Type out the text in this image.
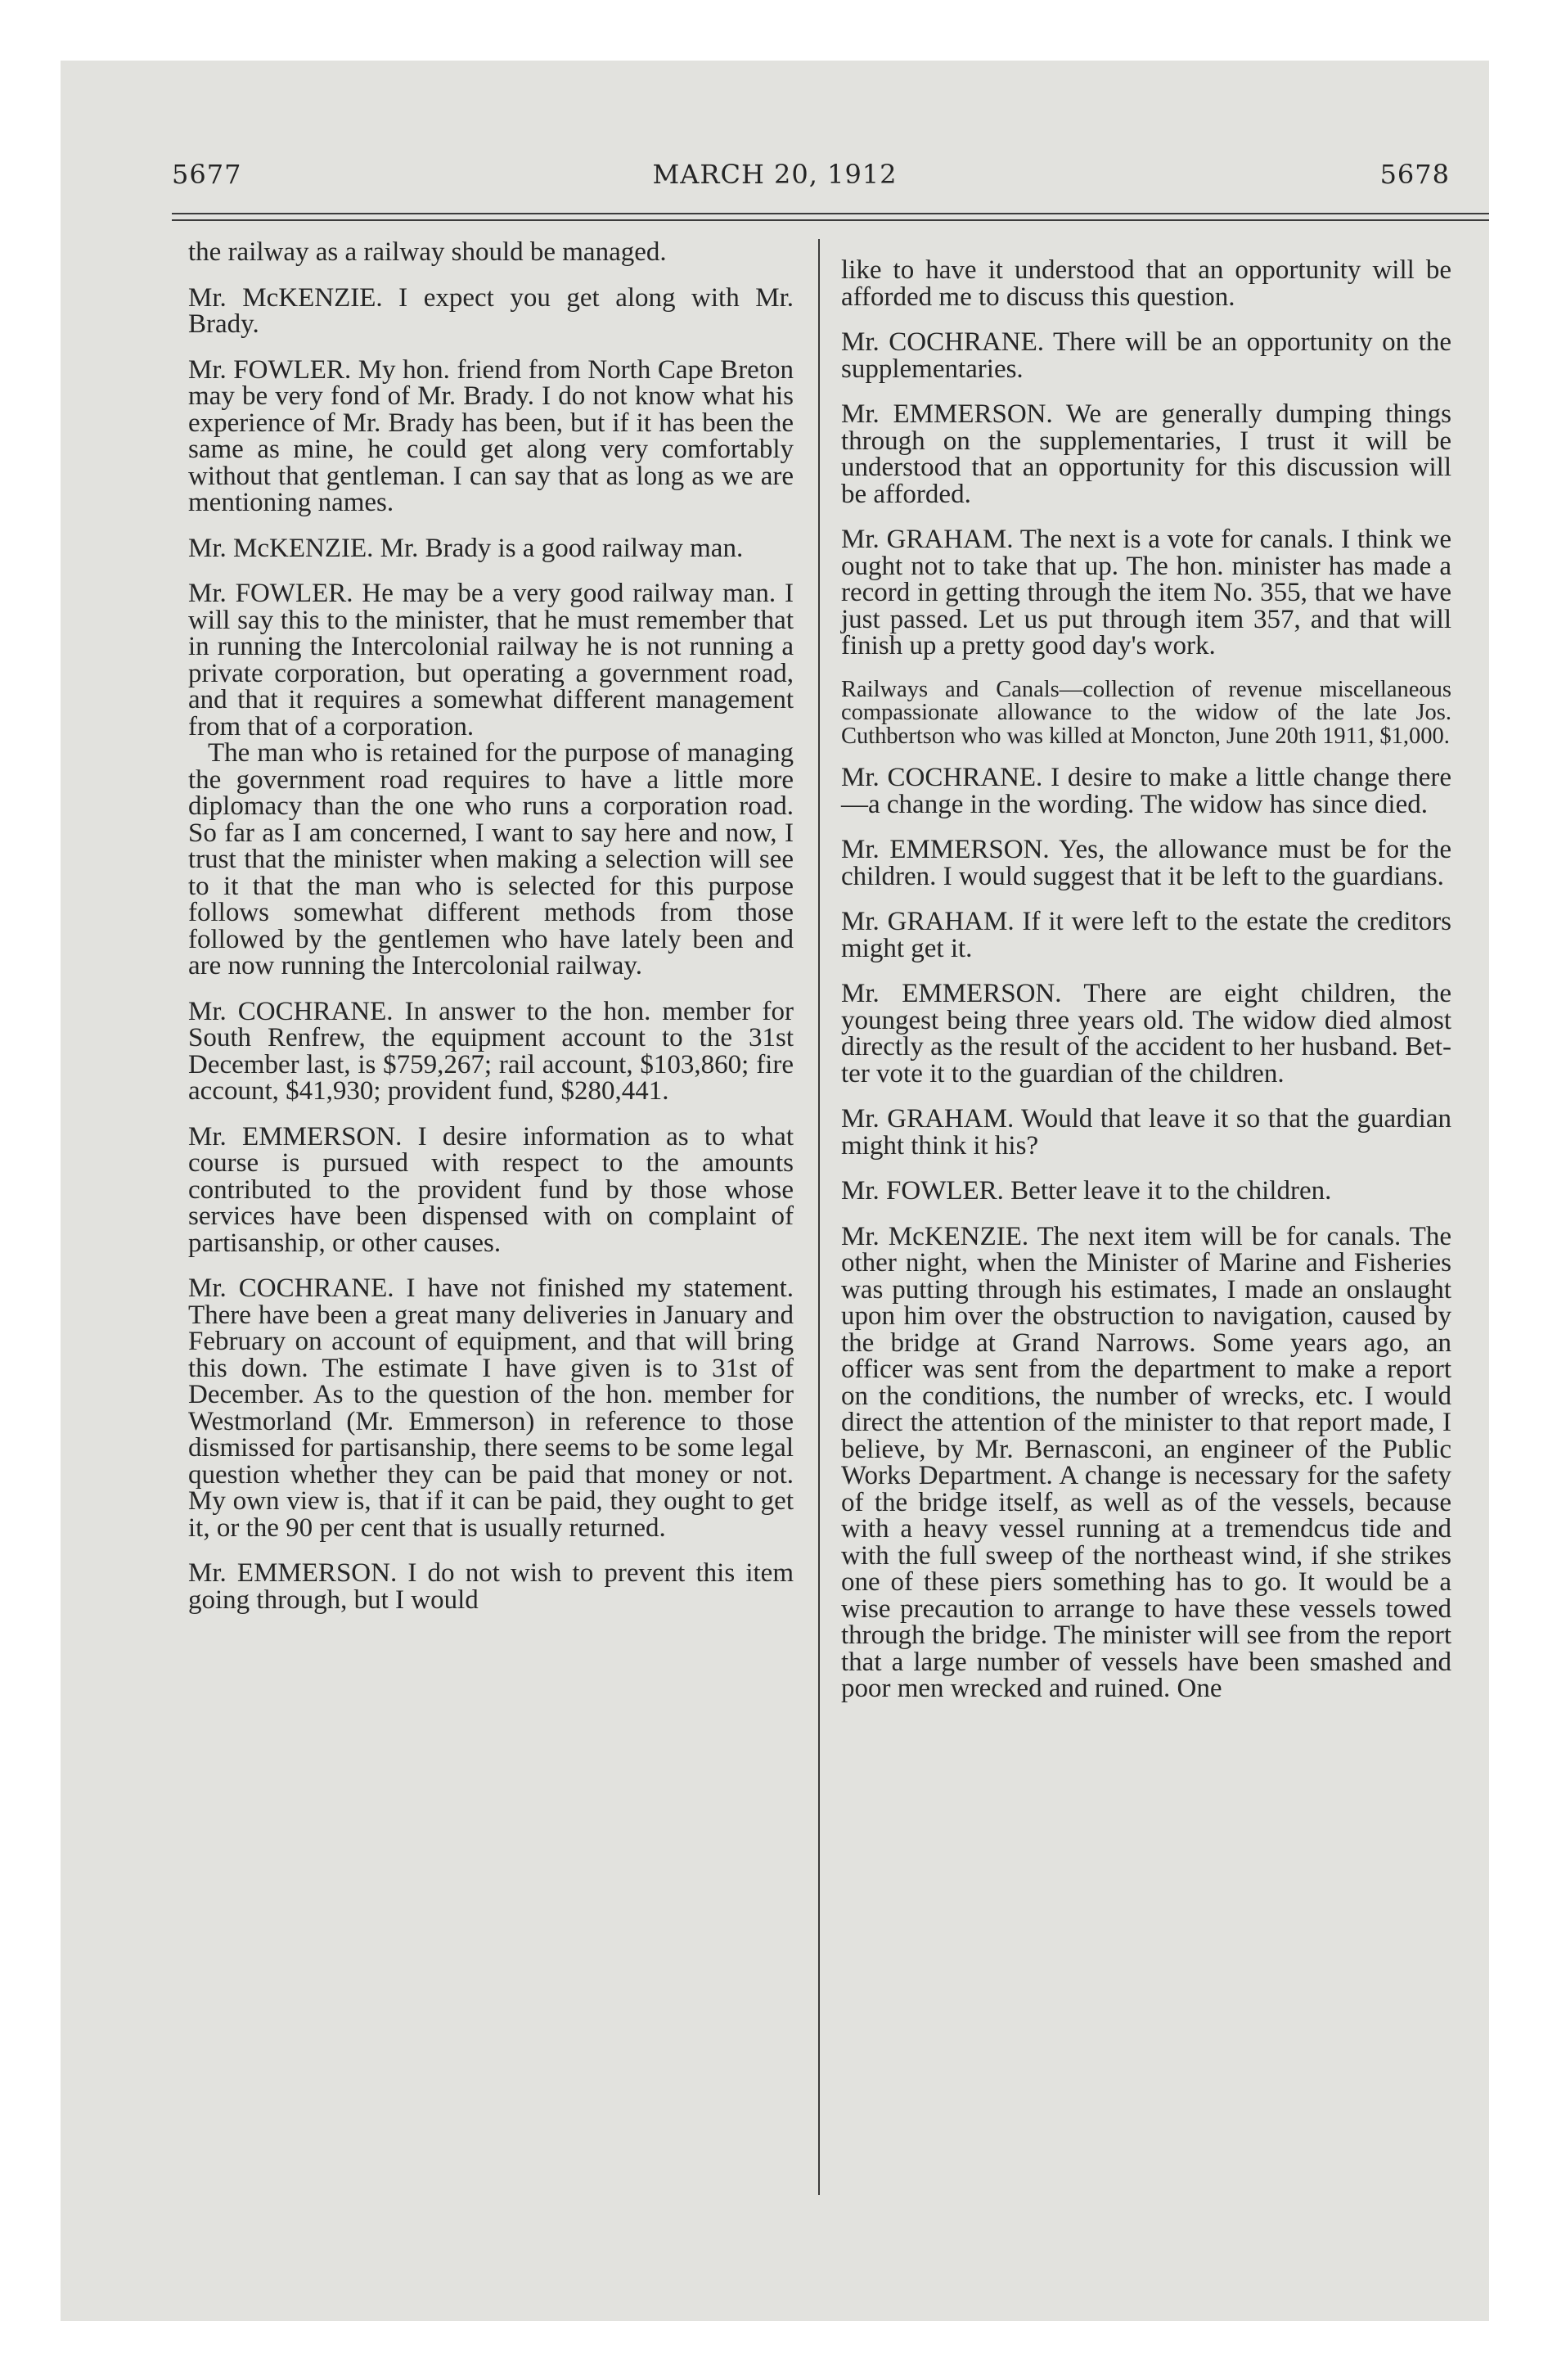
5677	MARCH 20, 1912	5678

the railway as a railway should be managed.

Mr. McKENZIE. I expect you get along with Mr. Brady.

Mr. FOWLER. My hon. friend from North Cape Breton may be very fond of Mr. Brady. I do not know what his experience of Mr. Brady has been, but if it has been the same as mine, he could get along very comfortably without that gentleman. I can say that as long as we are mentioning names.

Mr. McKENZIE. Mr. Brady is a good railway man.

Mr. FOWLER. He may be a very good railway man. I will say this to the minister, that he must remember that in running the Intercolonial railway he is not running a private corporation, but operating a government road, and that it requires a somewhat different management from that of a corporation.

The man who is retained for the purpose of managing the government road requires to have a little more diplomacy than the one who runs a corporation road. So far as I am concerned, I want to say here and now, I trust that the minister when making a selection will see to it that the man who is selected for this purpose follows somewhat different methods from those followed by the gentlemen who have lately been and are now running the Intercolonial railway.

Mr. COCHRANE. In answer to the hon. member for South Renfrew, the equipment account to the 31st December last, is $759,267; rail account, $103,860; fire account, $41,930; provident fund, $280,441.

Mr. EMMERSON. I desire information as to what course is pursued with respect to the amounts contributed to the provident fund by those whose services have been dispensed with on complaint of partisanship, or other causes.

Mr. COCHRANE. I have not finished my statement. There have been a great many deliveries in January and February on account of equipment, and that will bring this down. The estimate I have given is to 31st of December. As to the question of the hon. member for Westmorland (Mr. Emmerson) in reference to those dismissed for partisanship, there seems to be some legal question whether they can be paid that money or not. My own view is, that if it can be paid, they ought to get it, or the 90 per cent that is usually returned.

Mr. EMMERSON. I do not wish to prevent this item going through, but I would

like to have it understood that an opportunity will be afforded me to discuss this question.

Mr. COCHRANE. There will be an opportunity on the supplementaries.

Mr. EMMERSON. We are generally dumping things through on the supplementaries, I trust it will be understood that an opportunity for this discussion will be afforded.

Mr. GRAHAM. The next is a vote for canals. I think we ought not to take that up. The hon. minister has made a record in getting through the item No. 355, that we have just passed. Let us put through item 357, and that will finish up a pretty good day's work.

Railways and Canals—collection of revenue miscellaneous compassionate allowance to the widow of the late Jos. Cuthbertson who was killed at Moncton, June 20th 1911, $1,000.

Mr. COCHRANE. I desire to make a little change there—a change in the wording. The widow has since died.

Mr. EMMERSON. Yes, the allowance must be for the children. I would suggest that it be left to the guardians.

Mr. GRAHAM. If it were left to the estate the creditors might get it.

Mr. EMMERSON. There are eight children, the youngest being three years old. The widow died almost directly as the result of the accident to her husband. Better vote it to the guardian of the children.

Mr. GRAHAM. Would that leave it so that the guardian might think it his?

Mr. FOWLER. Better leave it to the children.

Mr. McKENZIE. The next item will be for canals. The other night, when the Minister of Marine and Fisheries was putting through his estimates, I made an onslaught upon him over the obstruction to navigation, caused by the bridge at Grand Narrows. Some years ago, an officer was sent from the department to make a report on the conditions, the number of wrecks, etc. I would direct the attention of the minister to that report made, I believe, by Mr. Bernasconi, an engineer of the Public Works Department. A change is necessary for the safety of the bridge itself, as well as of the vessels, because with a heavy vessel running at a tremendcus tide and with the full sweep of the northeast wind, if she strikes one of these piers something has to go. It would be a wise precaution to arrange to have these vessels towed through the bridge. The minister will see from the report that a large number of vessels have been smashed and poor men wrecked and ruined. One
